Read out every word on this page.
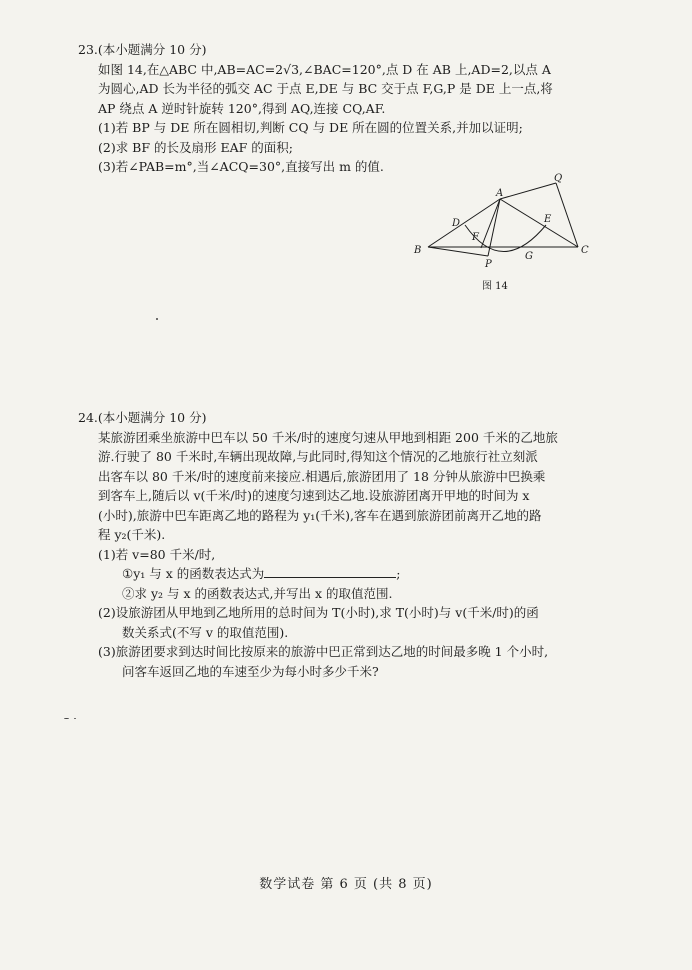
23.(本小题满分 10 分)
如图 14,在△ABC 中,AB=AC=2√3,∠BAC=120°,点 D 在 AB 上,AD=2,以点 A
为圆心,AD 长为半径的弧交 AC 于点 E,DE 与 BC 交于点 F,G,P 是 DE 上一点,将
AP 绕点 A 逆时针旋转 120°,得到 AQ,连接 CQ,AF.
(1)若 BP 与 DE 所在圆相切,判断 CQ 与 DE 所在圆的位置关系,并加以证明;
(2)求 BF 的长及扇形 EAF 的面积;
(3)若∠PAB=m°,当∠ACQ=30°,直接写出 m 的值.
A
B	C
D	E
F
G
P
Q
图 14
24.(本小题满分 10 分)
某旅游团乘坐旅游中巴车以 50 千米/时的速度匀速从甲地到相距 200 千米的乙地旅
游.行驶了 80 千米时,车辆出现故障,与此同时,得知这个情况的乙地旅行社立刻派
出客车以 80 千米/时的速度前来接应.相遇后,旅游团用了 18 分钟从旅游中巴换乘
到客车上,随后以 v(千米/时)的速度匀速到达乙地.设旅游团离开甲地的时间为 x
(小时),旅游中巴车距离乙地的路程为 y₁(千米),客车在遇到旅游团前离开乙地的路
程 y₂(千米).
(1)若 v=80 千米/时,
①y₁ 与 x 的函数表达式为	;
②求 y₂ 与 x 的函数表达式,并写出 x 的取值范围.
(2)设旅游团从甲地到乙地所用的总时间为 T(小时),求 T(小时)与 v(千米/时)的函
数关系式(不写 v 的取值范围).
(3)旅游团要求到达时间比按原来的旅游中巴正常到达乙地的时间最多晚 1 个小时,
问客车返回乙地的车速至少为每小时多少千米?
数学试卷 第 6 页 (共 8 页)
